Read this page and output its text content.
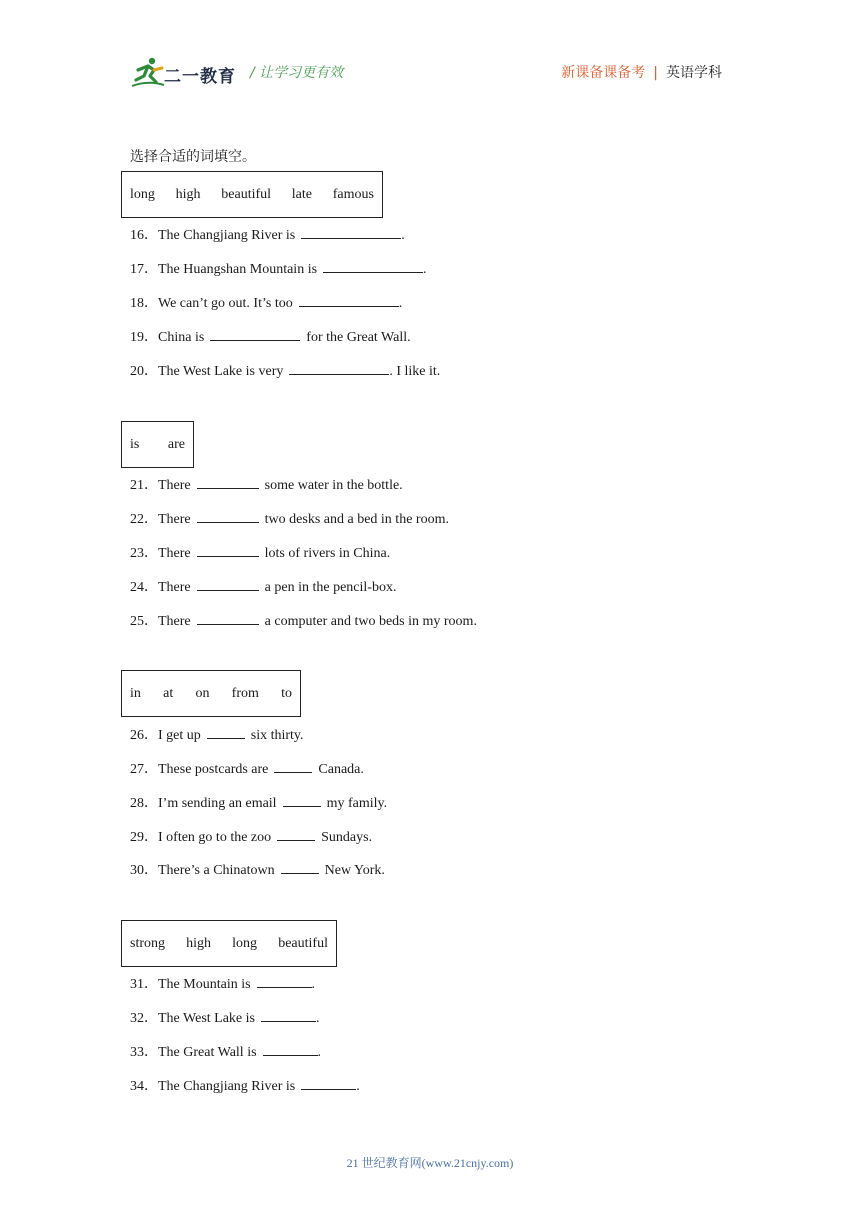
二一教育 / 让学习更有效	新课备课备考 | 英语学科
选择合适的词填空。
long high beautiful late famous
16．The Changjiang River is	.
17．The Huangshan Mountain is	.
18．We can’t go out. It’s too	.
19．China is	for the Great Wall.
20．The West Lake is very	. I like it.
is are
21．There	some water in the bottle.
22．There	two desks and a bed in the room.
23．There	lots of rivers in China.
24．There	a pen in the pencil-box.
25．There	a computer and two beds in my room.
in at on from to
26．I get up	six thirty.
27．These postcards are	Canada.
28．I’m sending an email	my family.
29．I often go to the zoo	Sundays.
30．There’s a Chinatown	New York.
strong high long beautiful
31．The Mountain is	.
32．The West Lake is	.
33．The Great Wall is	.
34．The Changjiang River is	.
21 世纪教育网(www.21cnjy.com)
